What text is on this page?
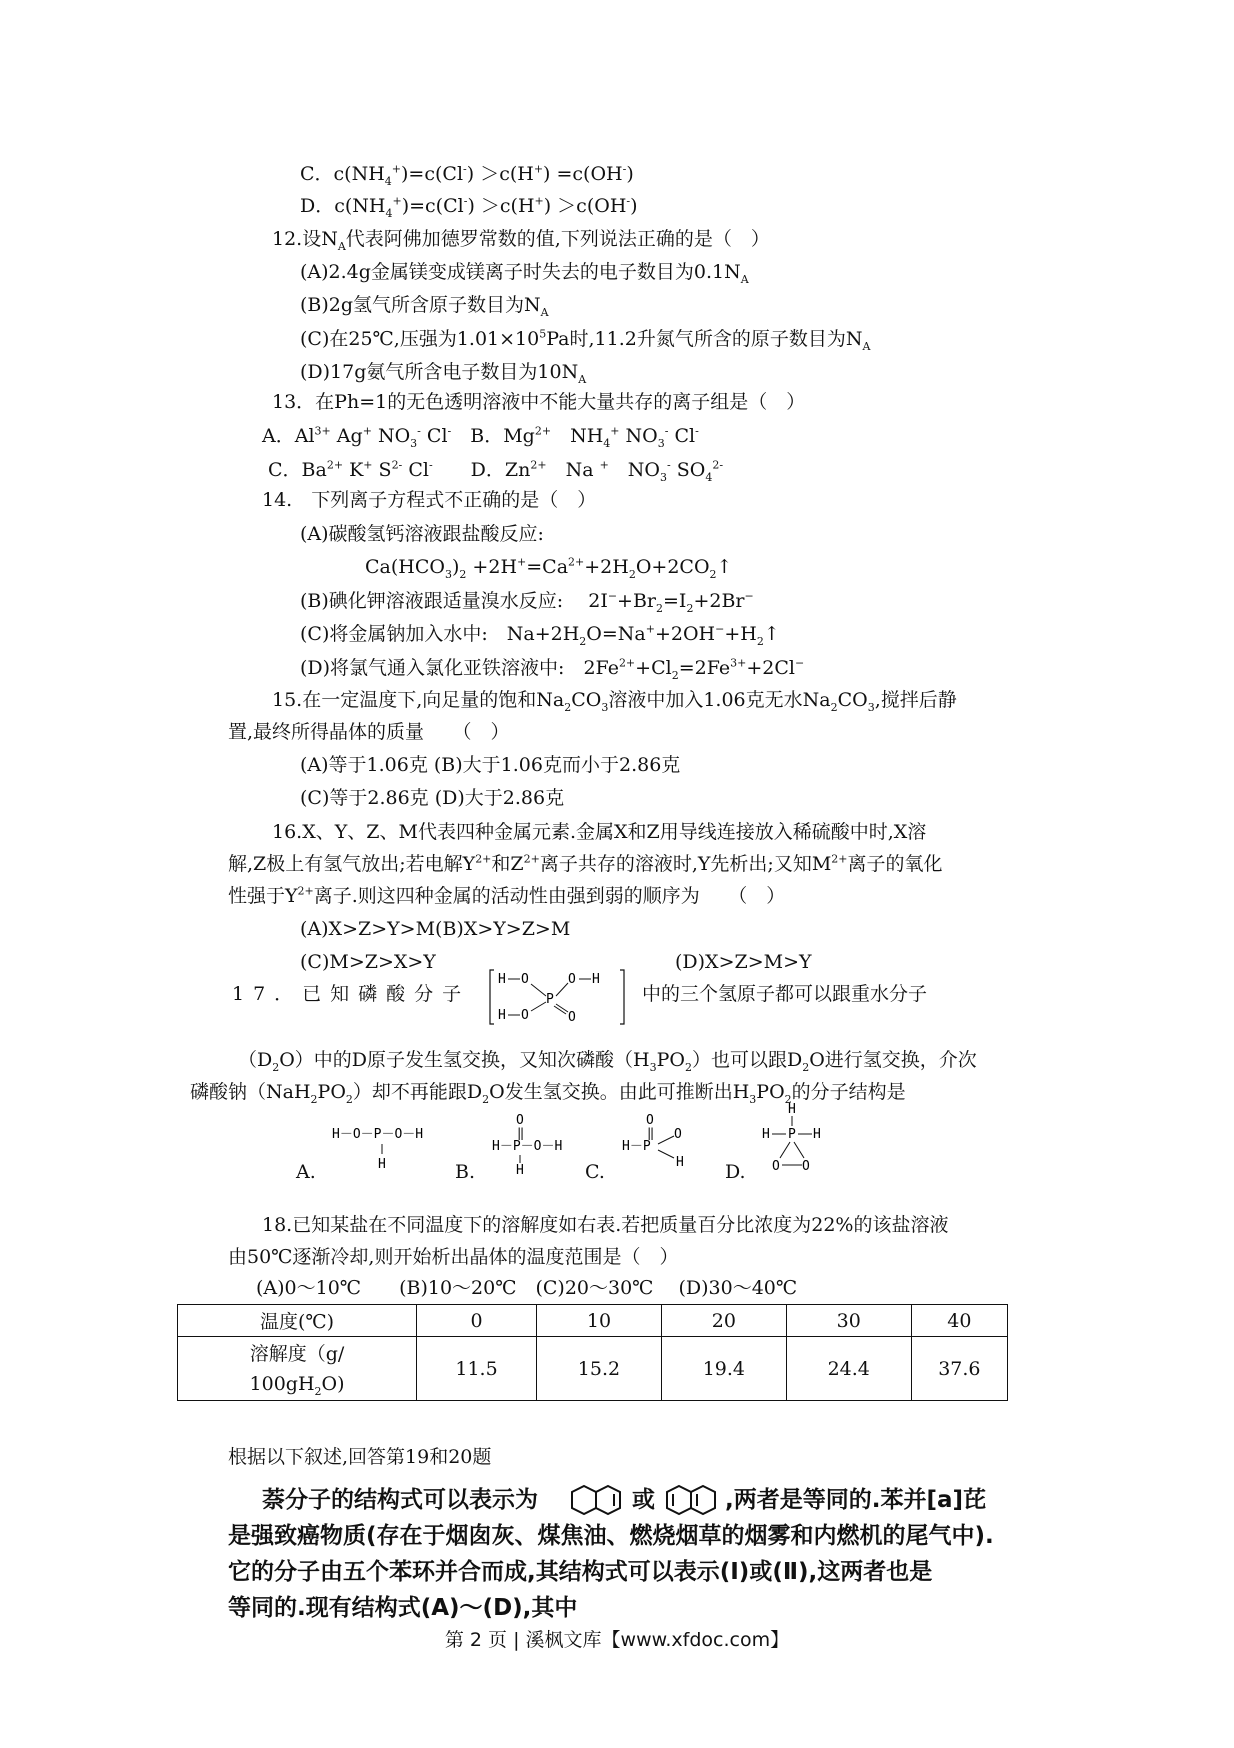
C．$c(NH_4^+)=c(Cl^-) >c(H^+) =c(OH^-)$
D．$c(NH_4^+)=c(Cl^-) >c(H^+) >c(OH^-)$
12.设$N_A$代表阿佛加德罗常数的值,下列说法正确的是（　）
(A)2.4g金属镁变成镁离子时失去的电子数目为$0.1N_A$
(B)2g氢气所含原子数目为$N_A$
(C)在25℃,压强为$1.01\times 10^5Pa$时,11.2升氮气所含的原子数目为$N_A$
(D)17g氨气所含电子数目为$10N_A$
13．在Ph=1的无色透明溶液中不能大量共存的离子组是（　）
A．$Al^{3+}$ Ag+ $NO_3^-$ Cl-　B．$Mg^{2+}$　$NH_4^+$ $NO_3^-$ Cl-
C．$Ba^{2+}$ K+ $S^{2-}$ Cl-　　D．$Zn^{2+}$　Na +　$NO_3^-$ $SO_4^{2-}$
14.　下列离子方程式不正确的是（　）
(A)碳酸氢钙溶液跟盐酸反应:
$Ca(HCO_3)_2$ $+2H^+=Ca^{2+}+2H_2O+2CO_2↑$
(B)碘化钾溶液跟适量溴水反应:　 $2I^-+Br_2=I_2+2Br^-$
(C)将金属钠加入水中:　$Na+2H_2O=Na^++2OH^-+H_2↑$
(D)将氯气通入氯化亚铁溶液中:　$2Fe^{2+}+Cl_2=2Fe^{3+}+2Cl^-$
15.在一定温度下,向足量的饱和$Na_2CO_3$溶液中加入1.06克无水$Na_2CO_3$,搅拌后静
置,最终所得晶体的质量　　（　）
(A)等于1.06克 (B)大于1.06克而小于2.86克
(C)等于2.86克 (D)大于2.86克
16.X、Y、Z、M代表四种金属元素.金属X和Z用导线连接放入稀硫酸中时,X溶
解,Z极上有氢气放出;若电解$Y^{2+}$和$Z^{2+}$离子共存的溶液时,Y先析出;又知$M^{2+}$离子的氧化
性强于$Y^{2+}$离子.则这四种金属的活动性由强到弱的顺序为　　（　）
(A)X>Z>Y>M(B)X>Y>Z>M
(C)M>Z>X>Y	(D)X>Z>M>Y
17．已知磷酸分子
H O
P
O H
H O	O
中的三个氢原子都可以跟重水分子
$(D_2O)$中的D原子发生氢交换，又知次磷酸$(H_3PO_2)$也可以跟$D_2O$进行氢交换，介次
磷酸钠$(NaH_2PO_2)$却不再能跟$D_2O$发生氢交换。由此可推断出$H_3PO_2$的分子结构是
A.
H－O－P－O－H
H	B.
O
‖
H－P－O－H
H	C.
O
‖
H－P
O
H D.
H
H P H
O O
18.已知某盐在不同温度下的溶解度如右表.若把质量百分比浓度为22%的该盐溶液
由50℃逐渐冷却,则开始析出晶体的温度范围是（　）
(A)0～10℃　　(B)10～20℃　(C)20～30℃　 (D)30～40℃
温度(℃)	0	10	20	30	40
溶解度（g/
$100gH_2O$)	11.5	15.2	19.4	24.4	37.6
根据以下叙述,回答第19和20题
萘分子的结构式可以表示为	或	,两者是等同的.苯并[a]芘
是强致癌物质(存在于烟囱灰、煤焦油、燃烧烟草的烟雾和内燃机的尾气中).
它的分子由五个苯环并合而成,其结构式可以表示(Ⅰ)或(Ⅱ),这两者也是
等同的.现有结构式(A)～(D),其中
第 2 页 | 溪枫文库【www.xfdoc.com】
